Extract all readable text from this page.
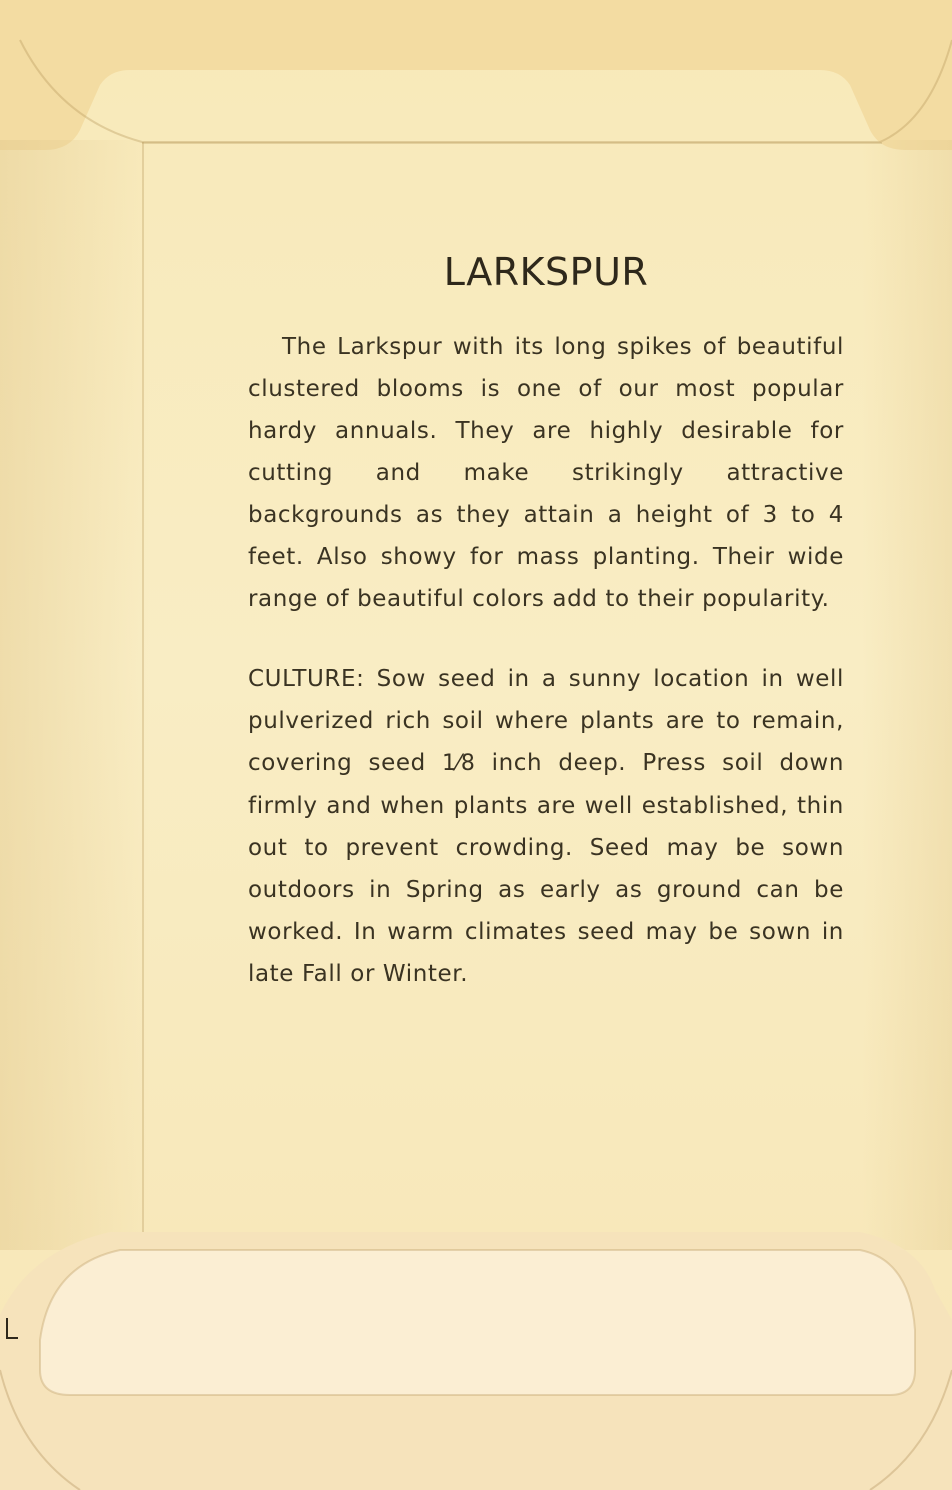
LARKSPUR

The Larkspur with its long spikes of beautiful clustered blooms is one of our most popular hardy annuals. They are highly desirable for cutting and make strikingly attractive backgrounds as they attain a height of 3 to 4 feet. Also showy for mass planting. Their wide range of beautiful colors add to their popularity.

CULTURE: Sow seed in a sunny location in well pulverized rich soil where plants are to remain, covering seed 1⁄8 inch deep. Press soil down firmly and when plants are well established, thin out to prevent crowding. Seed may be sown outdoors in Spring as early as ground can be worked. In warm climates seed may be sown in late Fall or Winter.
